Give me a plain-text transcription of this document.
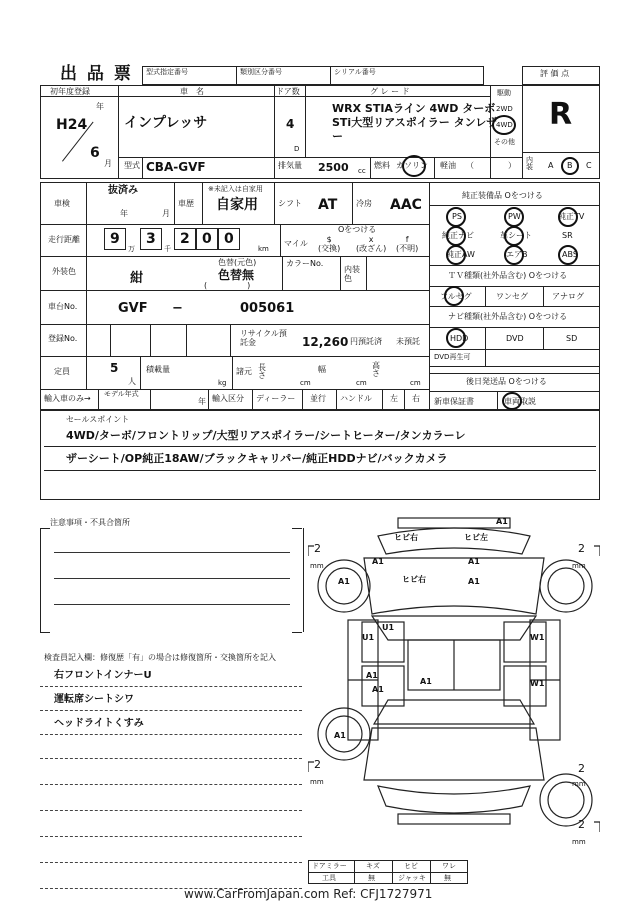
出 品 票 型式指定番号	類別区分番号	シリアル番号	評 価 点
R
初年度登録
年
月
H24
6
車　名
インプレッサ
ドア数
4
D
グ レ ー ド
WRX STIAライン 4WD ターボ
STi大型リアスポイラー タンレザ
ー
駆動
2WD
4WD
その他
型式 CBA-GVF	排気量 2500 cc
燃料 ガソリン 軽油 （	）
内装	A B C
車検
抜済み
年	月
車歴
※未記入は自家用
自家用	シフト AT 冷房 AAC
走行距離 9 3 2 0 0
万	千	km
マイル
Oをつける
$
(交換)
x
(改ざん)
f
(不明)
外装色	紺
色替(元色)
色替無
(　　　　　)
カラーNo.
内装色
車台No.	GVF −	005061
登録No.
リサイクル預託金	12,260 円預託済 未預託
定員	5
人
積載量
kg
諸元 長さ
cm
幅
cm
高さ
cm
輸入車のみ→ モデル年式
年 輸入区分 ディーラー 並行 ハンドル 左 右
純正装備品 Oをつける
PS	PW	純正TV
純正ナビ	革シート	SR
純正AW	エアB	ABS
ＴＶ種類(社外品含む) Oをつける
フルセグ	ワンセグ	アナログ
ナビ種類(社外品含む) Oをつける
HDD	DVD	SD
DVD再生可
後日発送品 Oをつける
新車保証書	車両取説
セールスポイント
4WD/ターボ/フロントリップ/大型リアスポイラー/シートヒーター/タンカラーレ
ザーシート/OP純正18AW/ブラックキャリパー/純正HDDナビ/バックカメラ
注意事項・不具合箇所
検査員記入欄：修復歴「有」の場合は修復箇所・交換箇所を記入
右フロントインナーU
運転席シートシワ
ヘッドライトくすみ
A1
ヒビ右	ヒビ左
A1	A1
A1	ヒビ右	A1
U1
U1	W1
A1
A1
W1
A1
A1
2
mm
2
mm
2
mm
2
mm
2
mm
ドアミラー	キズ	ヒビ	ワレ
工具	無	ジャッキ	無
www.CarFromJapan.com Ref: CFJ1727971
